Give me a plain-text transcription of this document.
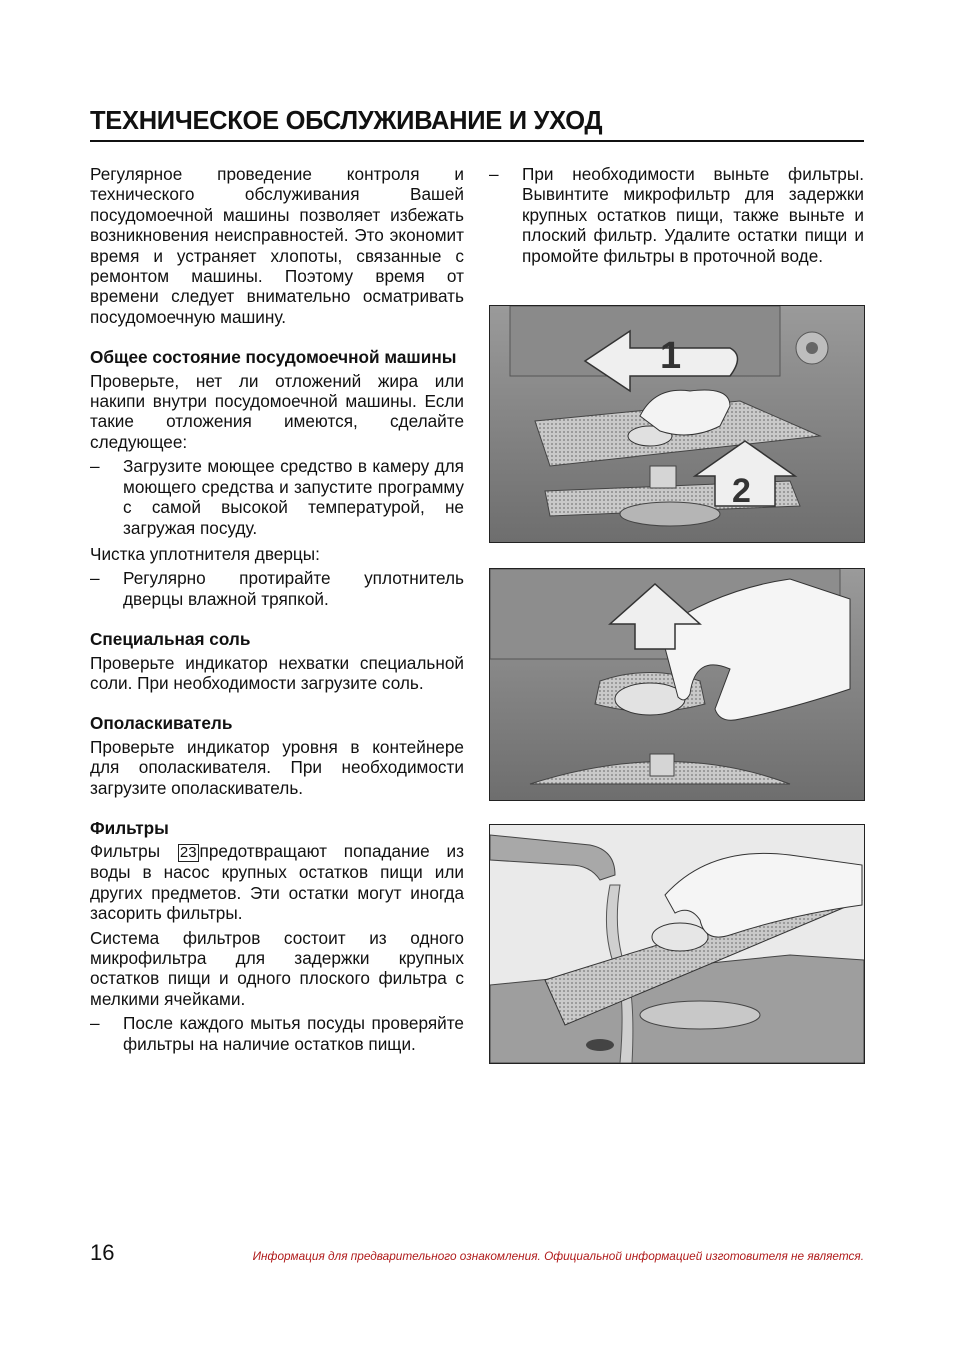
ТЕХНИЧЕСКОЕ ОБСЛУЖИВАНИЕ И УХОД

Регулярное проведение контроля и технического обслуживания Вашей посудомоечной машины позволяет избежать возникновения неисправностей. Это экономит время и устраняет хлопоты, связанные с ремонтом машины. Поэтому время от времени следует внимательно осматривать посудомоечную машину.

Общее состояние посудомоечной машины

Проверьте, нет ли отложений жира или накипи внутри посудомоечной машины. Если такие отложения имеются, сделайте следующее:

– Загрузите моющее средство в камеру для моющего средства и запустите программу с самой высокой температурой, не загружая посуду.

Чистка уплотнителя дверцы:

– Регулярно протирайте уплотнитель дверцы влажной тряпкой.
Специальная соль

Проверьте индикатор нехватки специальной соли. При необходимости загрузите соль.

Ополаскиватель

Проверьте индикатор уровня в контейнере для ополаскивателя. При необходимости загрузите ополаскиватель.

Фильтры

Фильтры 23 предотвращают попадание из воды в насос крупных остатков пищи или других предметов. Эти остатки могут иногда засорить фильтры.

Система фильтров состоит из одного микрофильтра для задержки крупных остатков пищи и одного плоского фильтра с мелкими ячейками.

– После каждого мытья посуды проверяйте фильтры на наличие остатков пищи.
– При необходимости выньте фильтры. Вывинтите микрофильтр для задержки крупных остатков пищи, также выньте и плоский фильтр. Удалите остатки пищи и промойте фильтры в проточной воде.
1
2
16	Информация для предварительного ознакомления. Официальной информацией изготовителя не является.
